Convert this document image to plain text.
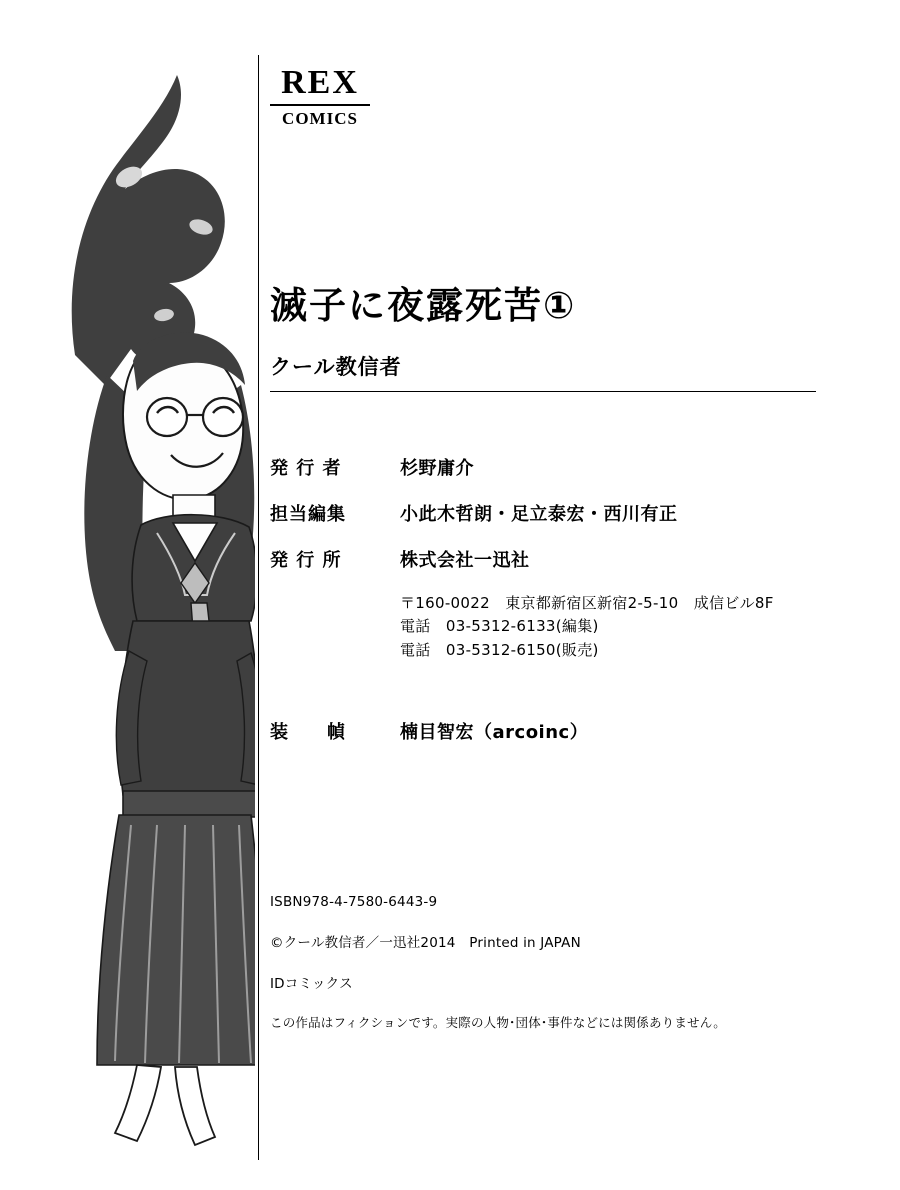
REX
COMICS
滅子に夜露死苦①
クール教信者
発 行 者	杉野庸介
担当編集	小此木哲朗・足立泰宏・西川有正
発 行 所	株式会社一迅社
〒160-0022　東京都新宿区新宿2-5-10　成信ビル8F
電話　03-5312-6133(編集)
電話　03-5312-6150(販売)
装　　幀	楠目智宏（arcoinc）
ISBN978-4-7580-6443-9
©クール教信者／一迅社2014　Printed in JAPAN
IDコミックス
この作品はフィクションです。実際の人物･団体･事件などには関係ありません。
